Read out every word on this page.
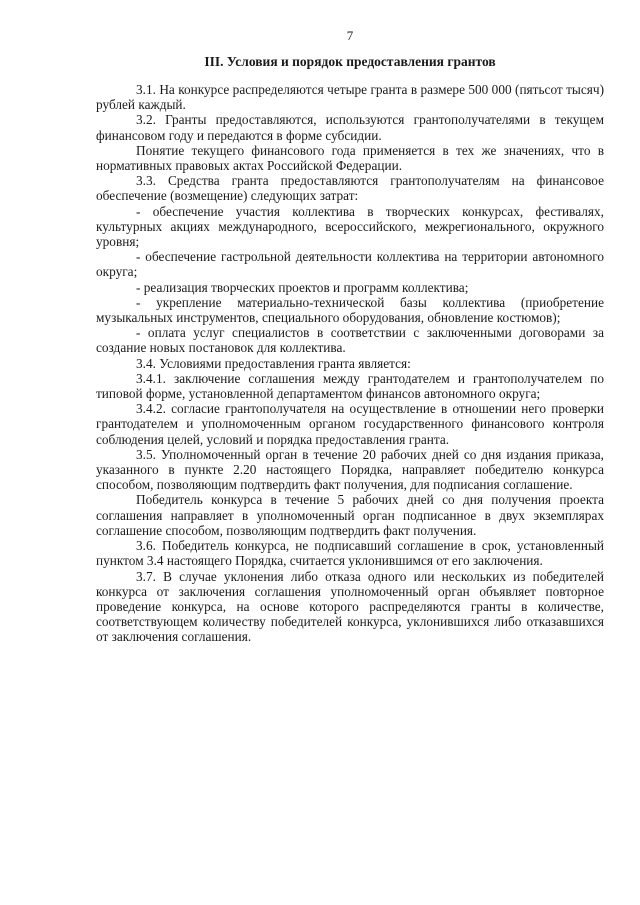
7
III. Условия и порядок предоставления грантов

3.1. На конкурсе распределяются четыре гранта в размере 500 000 (пятьсот тысяч) рублей каждый.

3.2. Гранты предоставляются, используются грантополучателями в текущем финансовом году и передаются в форме субсидии.

Понятие текущего финансового года применяется в тех же значениях, что в нормативных правовых актах Российской Федерации.

3.3. Средства гранта предоставляются грантополучателям на финансовое обеспечение (возмещение) следующих затрат:

- обеспечение участия коллектива в творческих конкурсах, фестивалях, культурных акциях международного, всероссийского, межрегионального, окружного уровня;

- обеспечение гастрольной деятельности коллектива на территории автономного округа;

- реализация творческих проектов и программ коллектива;

- укрепление материально-технической базы коллектива (приобретение музыкальных инструментов, специального оборудования, обновление костюмов);

- оплата услуг специалистов в соответствии с заключенными договорами за создание новых постановок для коллектива.

3.4. Условиями предоставления гранта является:

3.4.1. заключение соглашения между грантодателем и грантополучателем по типовой форме, установленной департаментом финансов автономного округа;

3.4.2. согласие грантополучателя на осуществление в отношении него проверки грантодателем и уполномоченным органом государственного финансового контроля соблюдения целей, условий и порядка предоставления гранта.

3.5. Уполномоченный орган в течение 20 рабочих дней со дня издания приказа, указанного в пункте 2.20 настоящего Порядка, направляет победителю конкурса способом, позволяющим подтвердить факт получения, для подписания соглашение.

Победитель конкурса в течение 5 рабочих дней со дня получения проекта соглашения направляет в уполномоченный орган подписанное в двух экземплярах соглашение способом, позволяющим подтвердить факт получения.

3.6. Победитель конкурса, не подписавший соглашение в срок, установленный пунктом 3.4 настоящего Порядка, считается уклонившимся от его заключения.

3.7. В случае уклонения либо отказа одного или нескольких из победителей конкурса от заключения соглашения уполномоченный орган объявляет повторное проведение конкурса, на основе которого распределяются гранты в количестве, соответствующем количеству победителей конкурса, уклонившихся либо отказавшихся от заключения соглашения.
